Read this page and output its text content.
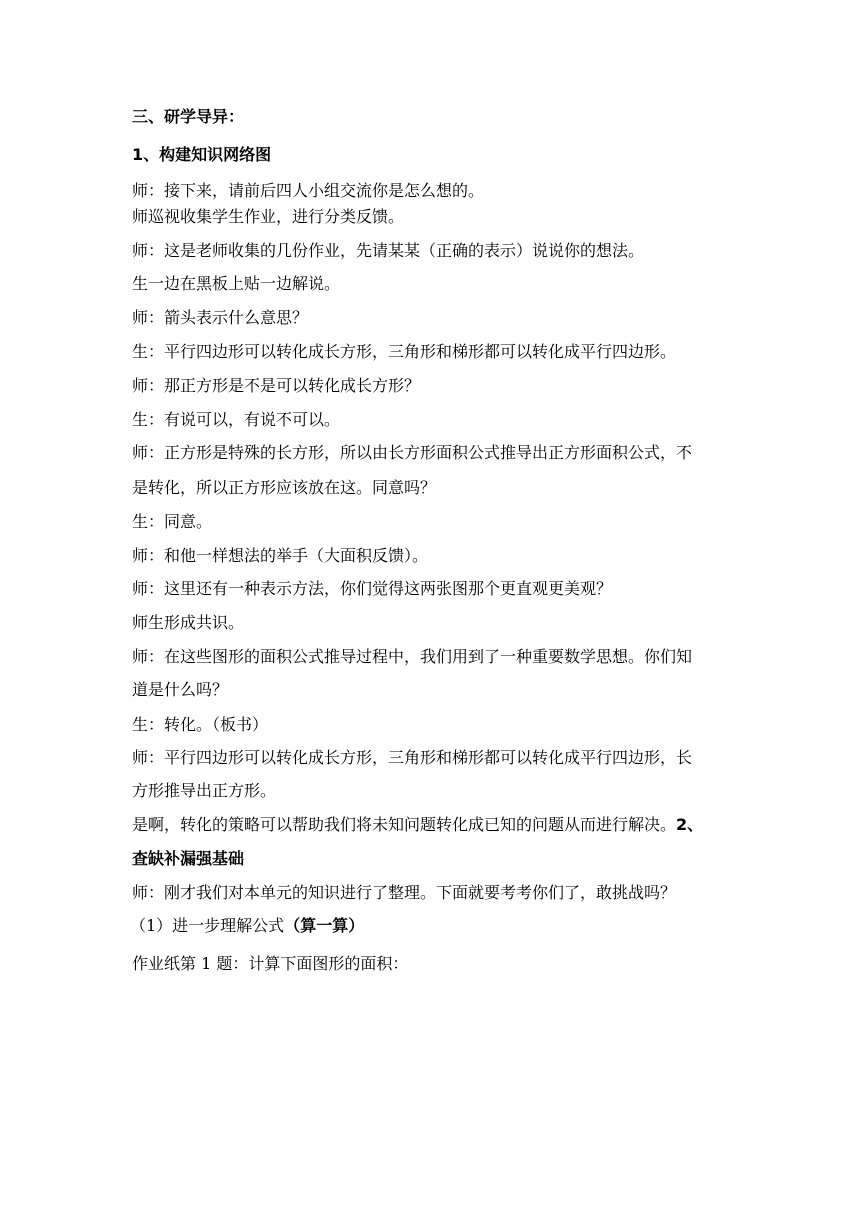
三、研学导异：
1、构建知识网络图
师：接下来，请前后四人小组交流你是怎么想的。
师巡视收集学生作业，进行分类反馈。
师：这是老师收集的几份作业，先请某某（正确的表示）说说你的想法。
生一边在黑板上贴一边解说。
师：箭头表示什么意思？
生：平行四边形可以转化成长方形，三角形和梯形都可以转化成平行四边形。
师：那正方形是不是可以转化成长方形？
生：有说可以，有说不可以。
师：正方形是特殊的长方形，所以由长方形面积公式推导出正方形面积公式，不
是转化，所以正方形应该放在这。同意吗？
生：同意。
师：和他一样想法的举手（大面积反馈）。
师：这里还有一种表示方法，你们觉得这两张图那个更直观更美观？
师生形成共识。
师：在这些图形的面积公式推导过程中，我们用到了一种重要数学思想。你们知
道是什么吗？
生：转化。（板书）
师：平行四边形可以转化成长方形，三角形和梯形都可以转化成平行四边形，长
方形推导出正方形。
是啊，转化的策略可以帮助我们将未知问题转化成已知的问题从而进行解决。2、
查缺补漏强基础
师：刚才我们对本单元的知识进行了整理。下面就要考考你们了，敢挑战吗？
（1）进一步理解公式（算一算）
作业纸第 1 题：计算下面图形的面积：
